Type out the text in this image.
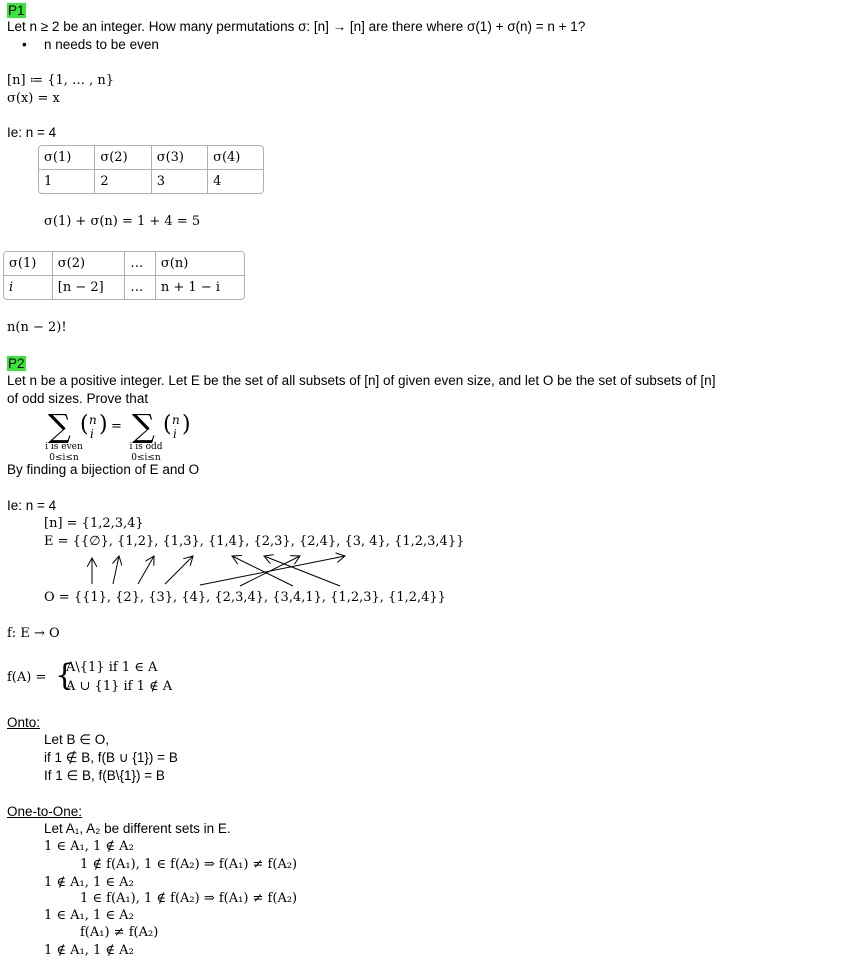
P1
Let n ≥ 2 be an integer. How many permutations σ: [n] → [n] are there where σ(1) + σ(n) = n + 1?
• n needs to be even
[n] ≔ {1, … , n}
σ(x) = x
Ie: n = 4
σ(1)	σ(2)	σ(3)	σ(4)
1	2	3	4
σ(1) + σ(n) = 1 + 4 = 5
σ(1)	σ(2)	…	σ(n)
i	[n − 2]	…	n + 1 − i
n(n − 2)!
P2
Let n be a positive integer. Let E be the set of all subsets of [n] of given even size, and let O be the set of subsets of [n]
of odd sizes. Prove that
∑ ( n
i ) = ∑ ( n
i )
i is even
0≤i≤n
i is odd
0≤i≤n
By finding a bijection of E and O
Ie: n = 4
[n] = {1,2,3,4}
E = {{∅}, {1,2}, {1,3}, {1,4}, {2,3}, {2,4}, {3, 4}, {1,2,3,4}}
O = {{1}, {2}, {3}, {4}, {2,3,4}, {3,4,1}, {1,2,3}, {1,2,4}}
f: E → O
f(A) = {
A\{1} if 1 ∈ A
A ∪ {1} if 1 ∉ A
Onto:
Let B ∈ O,
if 1 ∉ B, f(B ∪ {1}) = B
If 1 ∈ B, f(B\{1}) = B
One-to-One:
Let A₁, A₂ be different sets in E.
1 ∈ A₁, 1 ∉ A₂
1 ∉ f(A₁), 1 ∈ f(A₂) ⇒ f(A₁) ≠ f(A₂)
1 ∉ A₁, 1 ∈ A₂
1 ∈ f(A₁), 1 ∉ f(A₂) ⇒ f(A₁) ≠ f(A₂)
1 ∈ A₁, 1 ∈ A₂
f(A₁) ≠ f(A₂)
1 ∉ A₁, 1 ∉ A₂
